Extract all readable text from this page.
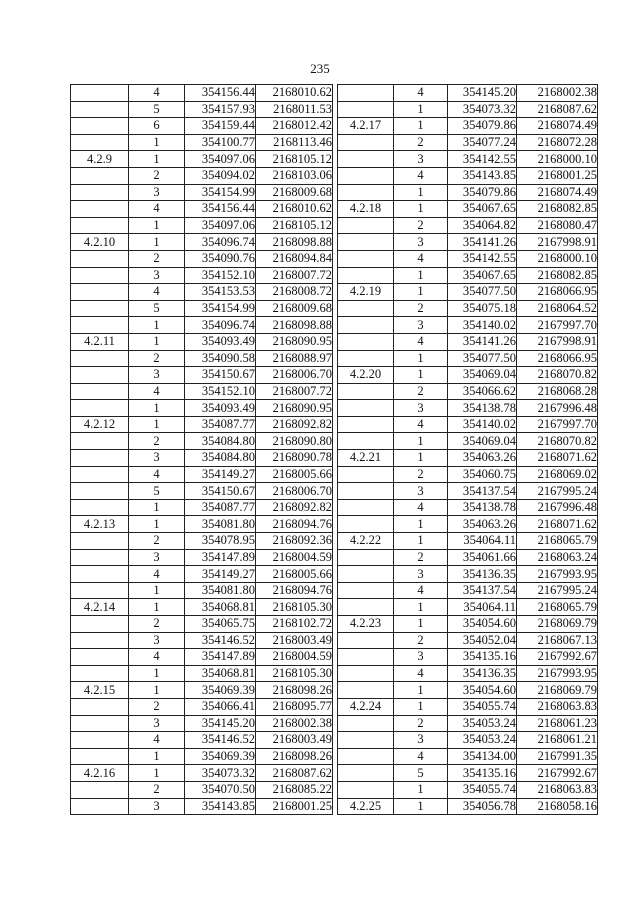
235
	4	354156.44	2168010.62
	5	354157.93	2168011.53
	6	354159.44	2168012.42
	1	354100.77	2168113.46
4.2.9	1	354097.06	2168105.12
	2	354094.02	2168103.06
	3	354154.99	2168009.68
	4	354156.44	2168010.62
	1	354097.06	2168105.12
4.2.10	1	354096.74	2168098.88
	2	354090.76	2168094.84
	3	354152.10	2168007.72
	4	354153.53	2168008.72
	5	354154.99	2168009.68
	1	354096.74	2168098.88
4.2.11	1	354093.49	2168090.95
	2	354090.58	2168088.97
	3	354150.67	2168006.70
	4	354152.10	2168007.72
	1	354093.49	2168090.95
4.2.12	1	354087.77	2168092.82
	2	354084.80	2168090.80
	3	354084.80	2168090.78
	4	354149.27	2168005.66
	5	354150.67	2168006.70
	1	354087.77	2168092.82
4.2.13	1	354081.80	2168094.76
	2	354078.95	2168092.36
	3	354147.89	2168004.59
	4	354149.27	2168005.66
	1	354081.80	2168094.76
4.2.14	1	354068.81	2168105.30
	2	354065.75	2168102.72
	3	354146.52	2168003.49
	4	354147.89	2168004.59
	1	354068.81	2168105.30
4.2.15	1	354069.39	2168098.26
	2	354066.41	2168095.77
	3	354145.20	2168002.38
	4	354146.52	2168003.49
	1	354069.39	2168098.26
4.2.16	1	354073.32	2168087.62
	2	354070.50	2168085.22
	3	354143.85	2168001.25
	4	354145.20	2168002.38
	1	354073.32	2168087.62
4.2.17	1	354079.86	2168074.49
	2	354077.24	2168072.28
	3	354142.55	2168000.10
	4	354143.85	2168001.25
	1	354079.86	2168074.49
4.2.18	1	354067.65	2168082.85
	2	354064.82	2168080.47
	3	354141.26	2167998.91
	4	354142.55	2168000.10
	1	354067.65	2168082.85
4.2.19	1	354077.50	2168066.95
	2	354075.18	2168064.52
	3	354140.02	2167997.70
	4	354141.26	2167998.91
	1	354077.50	2168066.95
4.2.20	1	354069.04	2168070.82
	2	354066.62	2168068.28
	3	354138.78	2167996.48
	4	354140.02	2167997.70
	1	354069.04	2168070.82
4.2.21	1	354063.26	2168071.62
	2	354060.75	2168069.02
	3	354137.54	2167995.24
	4	354138.78	2167996.48
	1	354063.26	2168071.62
4.2.22	1	354064.11	2168065.79
	2	354061.66	2168063.24
	3	354136.35	2167993.95
	4	354137.54	2167995.24
	1	354064.11	2168065.79
4.2.23	1	354054.60	2168069.79
	2	354052.04	2168067.13
	3	354135.16	2167992.67
	4	354136.35	2167993.95
	1	354054.60	2168069.79
4.2.24	1	354055.74	2168063.83
	2	354053.24	2168061.23
	3	354053.24	2168061.21
	4	354134.00	2167991.35
	5	354135.16	2167992.67
	1	354055.74	2168063.83
4.2.25	1	354056.78	2168058.16
